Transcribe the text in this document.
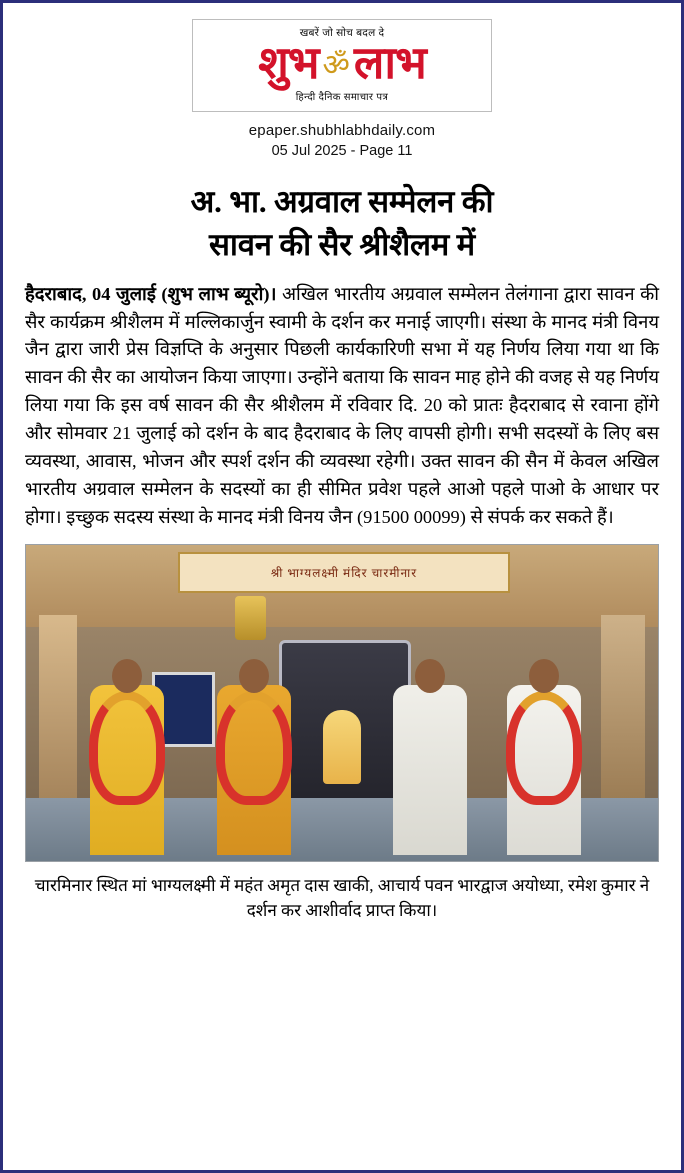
खबरें जो सोच बदल दे
शुभ ॐ लाभ
हिन्दी दैनिक समाचार पत्र
epaper.shubhlabhdaily.com
05 Jul 2025 - Page 11
अ. भा. अग्रवाल सम्मेलन की
सावन की सैर श्रीशैलम में
हैदराबाद, 04 जुलाई (शुभ लाभ ब्यूरो)। अखिल भारतीय अग्रवाल सम्मेलन तेलंगाना द्वारा सावन की सैर कार्यक्रम श्रीशैलम में मल्लिकार्जुन स्वामी के दर्शन कर मनाई जाएगी। संस्था के मानद मंत्री विनय जैन द्वारा जारी प्रेस विज्ञप्ति के अनुसार पिछली कार्यकारिणी सभा में यह निर्णय लिया गया था कि सावन की सैर का आयोजन किया जाएगा। उन्होंने बताया कि सावन माह होने की वजह से यह निर्णय लिया गया कि इस वर्ष सावन की सैर श्रीशैलम में रविवार दि. 20 को प्रातः हैदराबाद से रवाना होंगे और सोमवार 21 जुलाई को दर्शन के बाद हैदराबाद के लिए वापसी होगी। सभी सदस्यों के लिए बस व्यवस्था, आवास, भोजन और स्पर्श दर्शन की व्यवस्था रहेगी। उक्त सावन की सैन में केवल अखिल भारतीय अग्रवाल सम्मेलन के सदस्यों का ही सीमित प्रवेश पहले आओ पहले पाओ के आधार पर होगा। इच्छुक सदस्य संस्था के मानद मंत्री विनय जैन (91500 00099) से संपर्क कर सकते हैं।
श्री भाग्यलक्ष्मी मंदिर चारमीनार
चारमिनार स्थित मां भाग्यलक्ष्मी में महंत अमृत दास खाकी, आचार्य पवन भारद्वाज अयोध्या, रमेश कुमार ने दर्शन कर आशीर्वाद प्राप्त किया।
